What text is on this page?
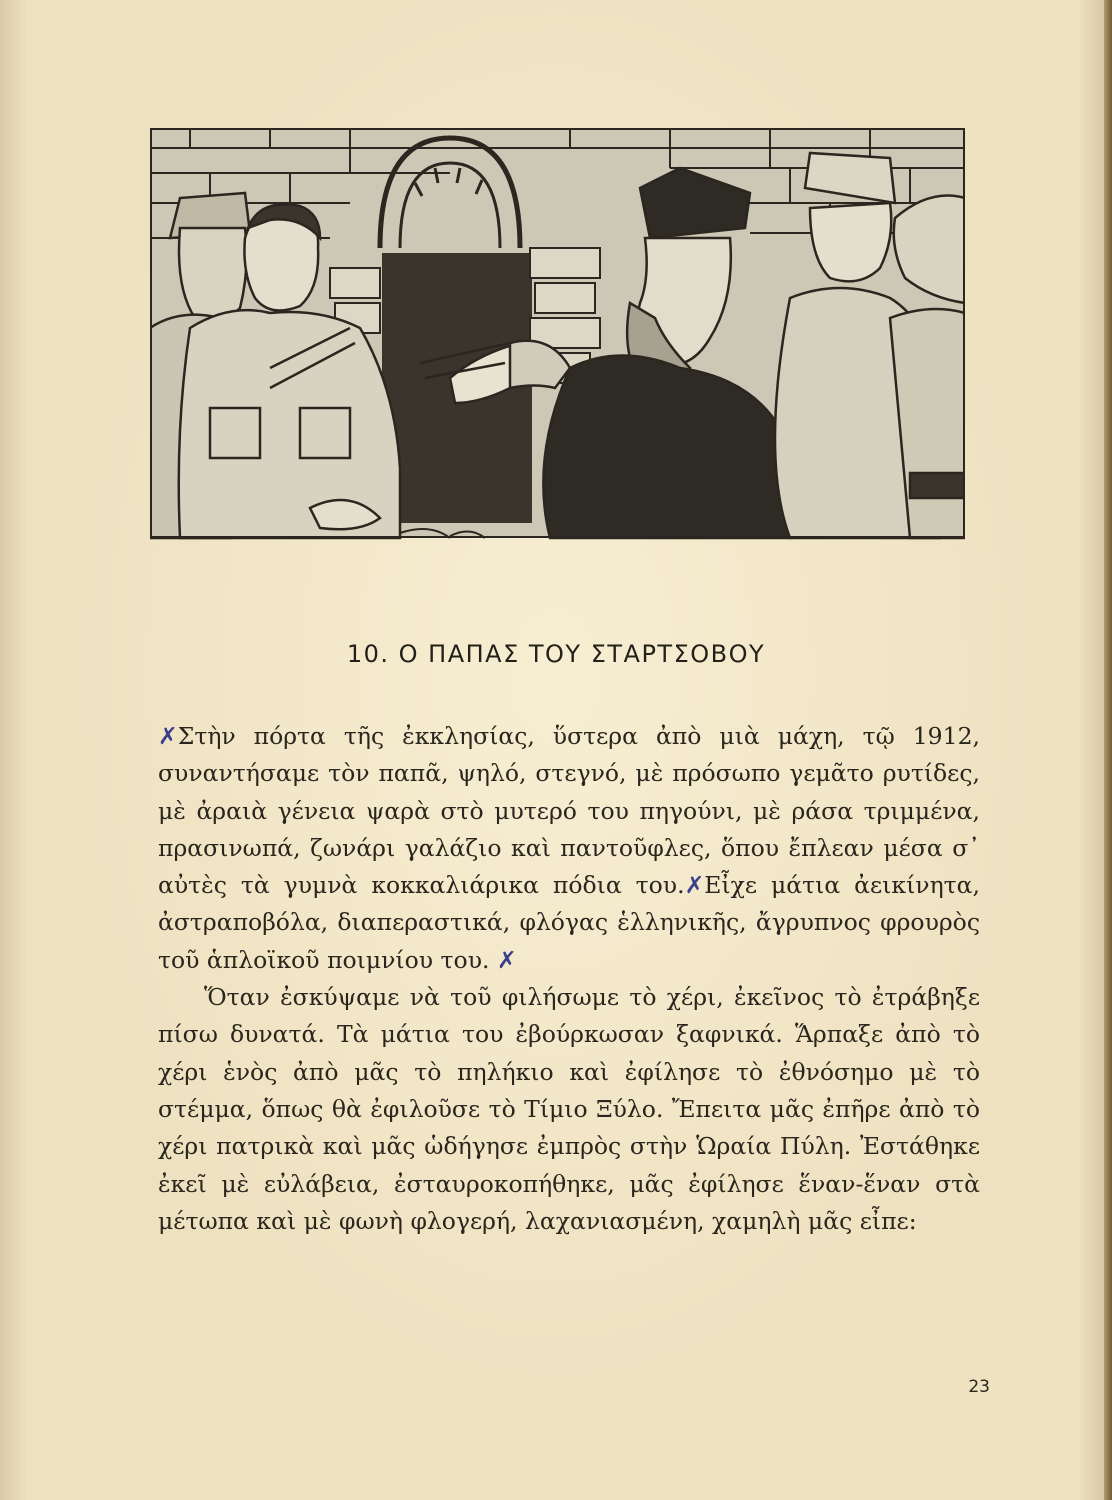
10. Ο ΠΑΠΑΣ ΤΟΥ ΣΤΑΡΤΣΟΒΟΥ

✗Στὴν πόρτα τῆς ἐκκλησίας, ὕστερα ἀπὸ μιὰ μάχη, τῷ 1912, συναντήσαμε τὸν παπᾶ, ψηλό, στεγνό, μὲ πρόσωπο γεμᾶτο ρυτίδες, μὲ ἀραιὰ γένεια ψαρὰ στὸ μυτερό του πηγούνι, μὲ ράσα τριμμένα, πρασινωπά, ζωνάρι γαλάζιο καὶ παντοῦφλες, ὅπου ἔπλεαν μέσα σ᾽ αὐτὲς τὰ γυμνὰ κοκκαλιάρικα πόδια του.✗Εἶχε μάτια ἀεικίνητα, ἀστραποβόλα, διαπεραστικά, φλόγας ἑλληνικῆς, ἄγρυπνος φρουρὸς τοῦ ἁπλοϊκοῦ ποιμνίου του. ✗

Ὅταν ἐσκύψαμε νὰ τοῦ φιλήσωμε τὸ χέρι, ἐκεῖνος τὸ ἐτράβηξε πίσω δυνατά. Τὰ μάτια του ἐβούρκωσαν ξαφνικά. Ἅρπαξε ἀπὸ τὸ χέρι ἑνὸς ἀπὸ μᾶς τὸ πηλήκιο καὶ ἐφίλησε τὸ ἐθνόσημο μὲ τὸ στέμμα, ὅπως θὰ ἐφιλοῦσε τὸ Τίμιο Ξύλο. Ἔπειτα μᾶς ἐπῆρε ἀπὸ τὸ χέρι πατρικὰ καὶ μᾶς ὡδήγησε ἐμπρὸς στὴν Ὡραία Πύλη. Ἐστάθηκε ἐκεῖ μὲ εὐλάβεια, ἐσταυροκοπήθηκε, μᾶς ἐφίλησε ἕναν-ἕναν στὰ μέτωπα καὶ μὲ φωνὴ φλογερή, λαχανιασμένη, χαμηλὴ μᾶς εἶπε:

23
